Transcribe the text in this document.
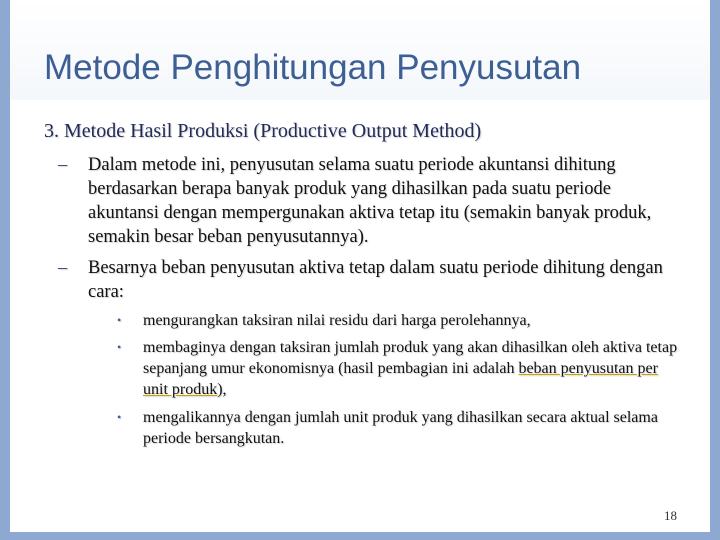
Metode Penghitungan Penyusutan
3. Metode Hasil Produksi (Productive Output Method)
– Dalam metode ini, penyusutan selama suatu periode akuntansi dihitung berdasarkan berapa banyak produk yang dihasilkan pada suatu periode akuntansi dengan mempergunakan aktiva tetap itu (semakin banyak produk, semakin besar beban penyusutannya).
– Besarnya beban penyusutan aktiva tetap dalam suatu periode dihitung dengan cara:
• mengurangkan taksiran nilai residu dari harga perolehannya,
• membaginya dengan taksiran jumlah produk yang akan dihasilkan oleh aktiva tetap sepanjang umur ekonomisnya (hasil pembagian ini adalah beban penyusutan per unit produk),
• mengalikannya dengan jumlah unit produk yang dihasilkan secara aktual selama periode bersangkutan.
18
